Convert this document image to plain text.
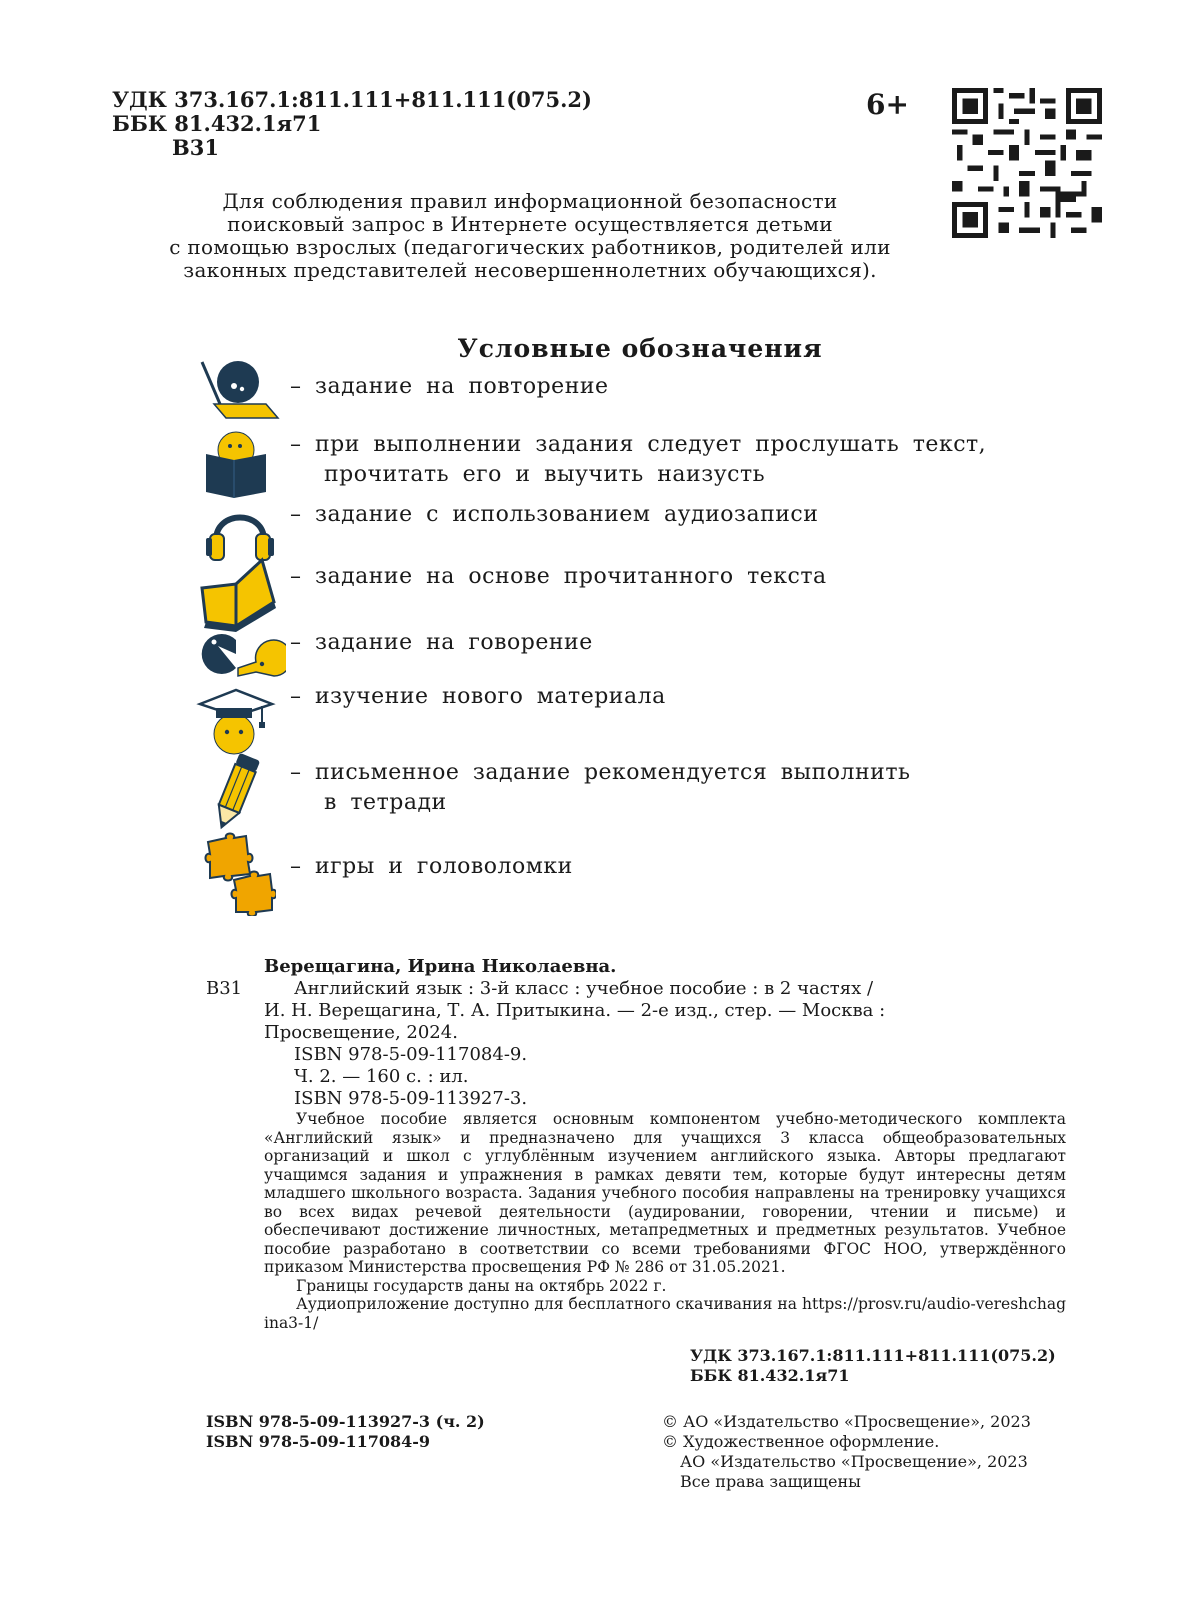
УДК 373.167.1:811.111+811.111(075.2)
ББК 81.432.1я71
В31
6+
Для соблюдения правил информационной безопасности
поисковый запрос в Интернете осуществляется детьми
с помощью взрослых (педагогических работников, родителей или
законных представителей несовершеннолетних обучающихся).
Условные обозначения
– задание на повторение
– при выполнении задания следует прослушать текст,
прочитать его и выучить наизусть
– задание с использованием аудиозаписи
– задание на основе прочитанного текста
– задание на говорение
– изучение нового материала
– письменное задание рекомендуется выполнить
в тетради
– игры и головоломки

Верещагина, Ирина Николаевна.

В31	Английский язык : 3-й класс : учебное пособие : в 2 частях /

И. Н. Верещагина, Т. А. Притыкина. — 2-е изд., стер. — Москва :

Просвещение, 2024.

ISBN 978-5-09-117084-9.

Ч. 2. — 160 с. : ил.

ISBN 978-5-09-113927-3.

Учебное пособие является основным компонентом учебно-методического комплекта «Английский язык» и предназначено для учащихся 3 класса общеобразовательных организаций и школ с углублённым изучением английского языка. Авторы предлагают учащимся задания и упражнения в рамках девяти тем, которые будут интересны детям младшего школьного возраста. Задания учебного пособия направлены на тренировку учащихся во всех видах речевой деятельности (аудировании, говорении, чтении и письме) и обеспечивают достижение личностных, метапредметных и предметных результатов. Учебное пособие разработано в соответствии со всеми требованиями ФГОС НОО, утверждённого приказом Министерства просвещения РФ № 286 от 31.05.2021.

Границы государств даны на октябрь 2022 г.

Аудиоприложение доступно для бесплатного скачивания на https://prosv.ru/audio-vereshchagina3-1/

УДК 373.167.1:811.111+811.111(075.2)
ББК 81.432.1я71
ISBN 978-5-09-113927-3 (ч. 2)
ISBN 978-5-09-117084-9
© АО «Издательство «Просвещение», 2023
© Художественное оформление.
АО «Издательство «Просвещение», 2023
Все права защищены
